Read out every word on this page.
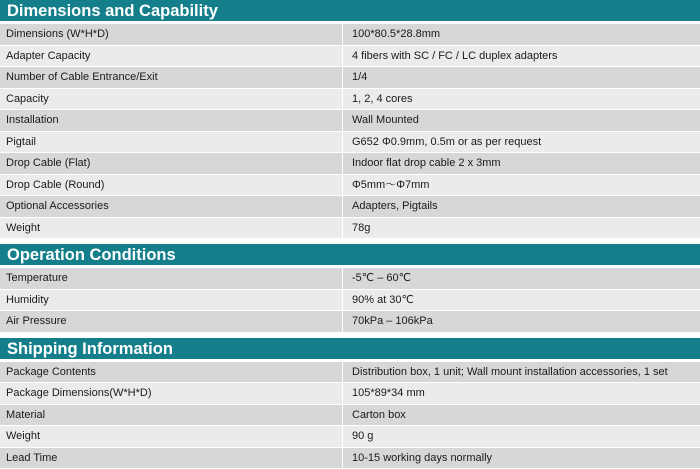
Dimensions and Capability
Dimensions (W*H*D)	100*80.5*28.8mm
Adapter Capacity	4 fibers with SC / FC / LC duplex adapters
Number of Cable Entrance/Exit	1/4
Capacity	1, 2, 4 cores
Installation	Wall Mounted
Pigtail	G652 Φ0.9mm, 0.5m or as per request
Drop Cable (Flat)	Indoor flat drop cable 2 x 3mm
Drop Cable (Round)	Φ5mm～Φ7mm
Optional Accessories	Adapters, Pigtails
Weight	78g
Operation Conditions
Temperature	-5℃ – 60℃
Humidity	90% at 30℃
Air Pressure	70kPa – 106kPa
Shipping Information
Package Contents	Distribution box, 1 unit; Wall mount installation accessories, 1 set
Package Dimensions(W*H*D)	105*89*34 mm
Material	Carton box
Weight	90 g
Lead Time	10-15 working days normally
